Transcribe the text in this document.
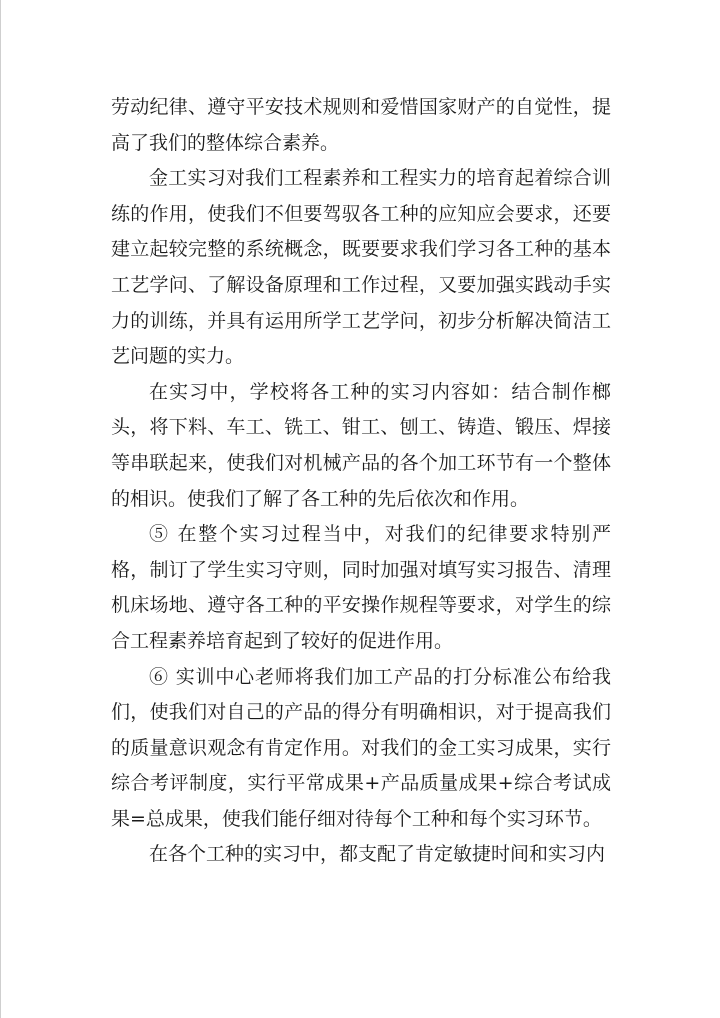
劳动纪律、遵守平安技术规则和爱惜国家财产的自觉性，提高了我们的整体综合素养。

金工实习对我们工程素养和工程实力的培育起着综合训练的作用，使我们不但要驾驭各工种的应知应会要求，还要建立起较完整的系统概念，既要要求我们学习各工种的基本工艺学问、了解设备原理和工作过程，又要加强实践动手实力的训练，并具有运用所学工艺学问，初步分析解决简洁工艺问题的实力。

在实习中，学校将各工种的实习内容如：结合制作榔头，将下料、车工、铣工、钳工、刨工、铸造、锻压、焊接等串联起来，使我们对机械产品的各个加工环节有一个整体的相识。使我们了解了各工种的先后依次和作用。

⑤ 在整个实习过程当中，对我们的纪律要求特别严格，制订了学生实习守则，同时加强对填写实习报告、清理机床场地、遵守各工种的平安操作规程等要求，对学生的综合工程素养培育起到了较好的促进作用。

⑥ 实训中心老师将我们加工产品的打分标准公布给我们，使我们对自己的产品的得分有明确相识，对于提高我们的质量意识观念有肯定作用。对我们的金工实习成果，实行综合考评制度，实行平常成果+产品质量成果+综合考试成果=总成果，使我们能仔细对待每个工种和每个实习环节。

在各个工种的实习中，都支配了肯定敏捷时间和实习内
